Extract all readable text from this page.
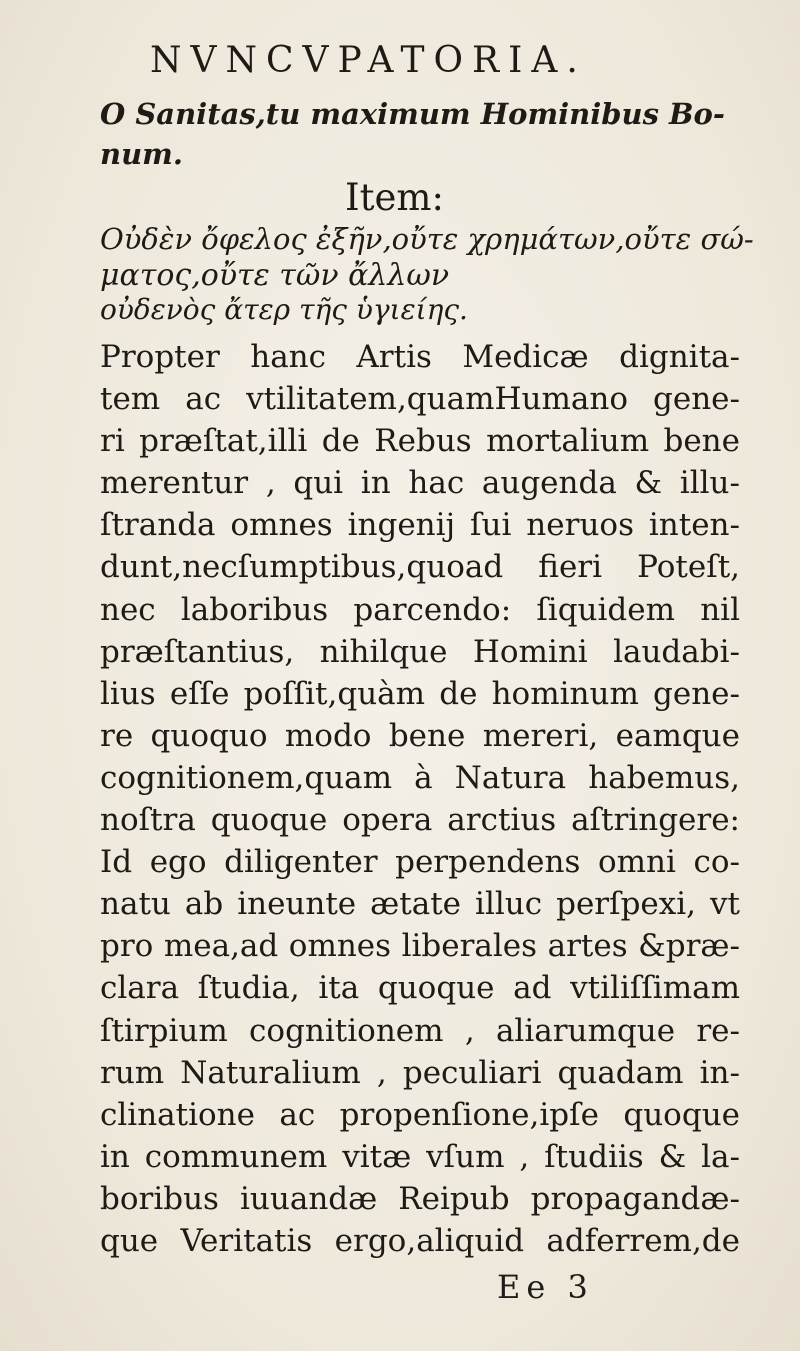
NVNCVPATORIA.
O Sanitas,tu maximum Hominibus Bo-
num.
Item:
Οὐδὲν ὄφελος ἐξῆν,οὔτε χρημάτων,οὔτε σώ-
ματος,οὔτε τῶν ἄλλων
οὐδενὸς ἄτερ τῆς ὑγιείης.
Propter hanc Artis Medicæ dignita-
tem ac vtilitatem,quamHumano gene-
ri præſtat,illi de Rebus mortalium bene
merentur , qui in hac augenda & illu-
ſtranda omnes ingenij ſui neruos inten-
dunt,necſumptibus,quoad fieri Poteſt,
nec laboribus parcendo: ſiquidem nil
præſtantius, nihilque Homini laudabi-
lius eſſe poſſit,quàm de hominum gene-
re quoquo modo bene mereri, eamque
cognitionem,quam à Natura habemus,
noſtra quoque opera arctius aſtringere:
Id ego diligenter perpendens omni co-
natu ab ineunte ætate illuc perſpexi, vt
pro mea,ad omnes liberales artes &præ-
clara ſtudia, ita quoque ad vtiliſſimam
ſtirpium cognitionem , aliarumque re-
rum Naturalium , peculiari quadam in-
clinatione ac propenſione,ipſe quoque
in communem vitæ vſum , ſtudiis & la-
boribus iuuandæ Reipub propagandæ-
que Veritatis ergo,aliquid adferrem,de
Ee 3
